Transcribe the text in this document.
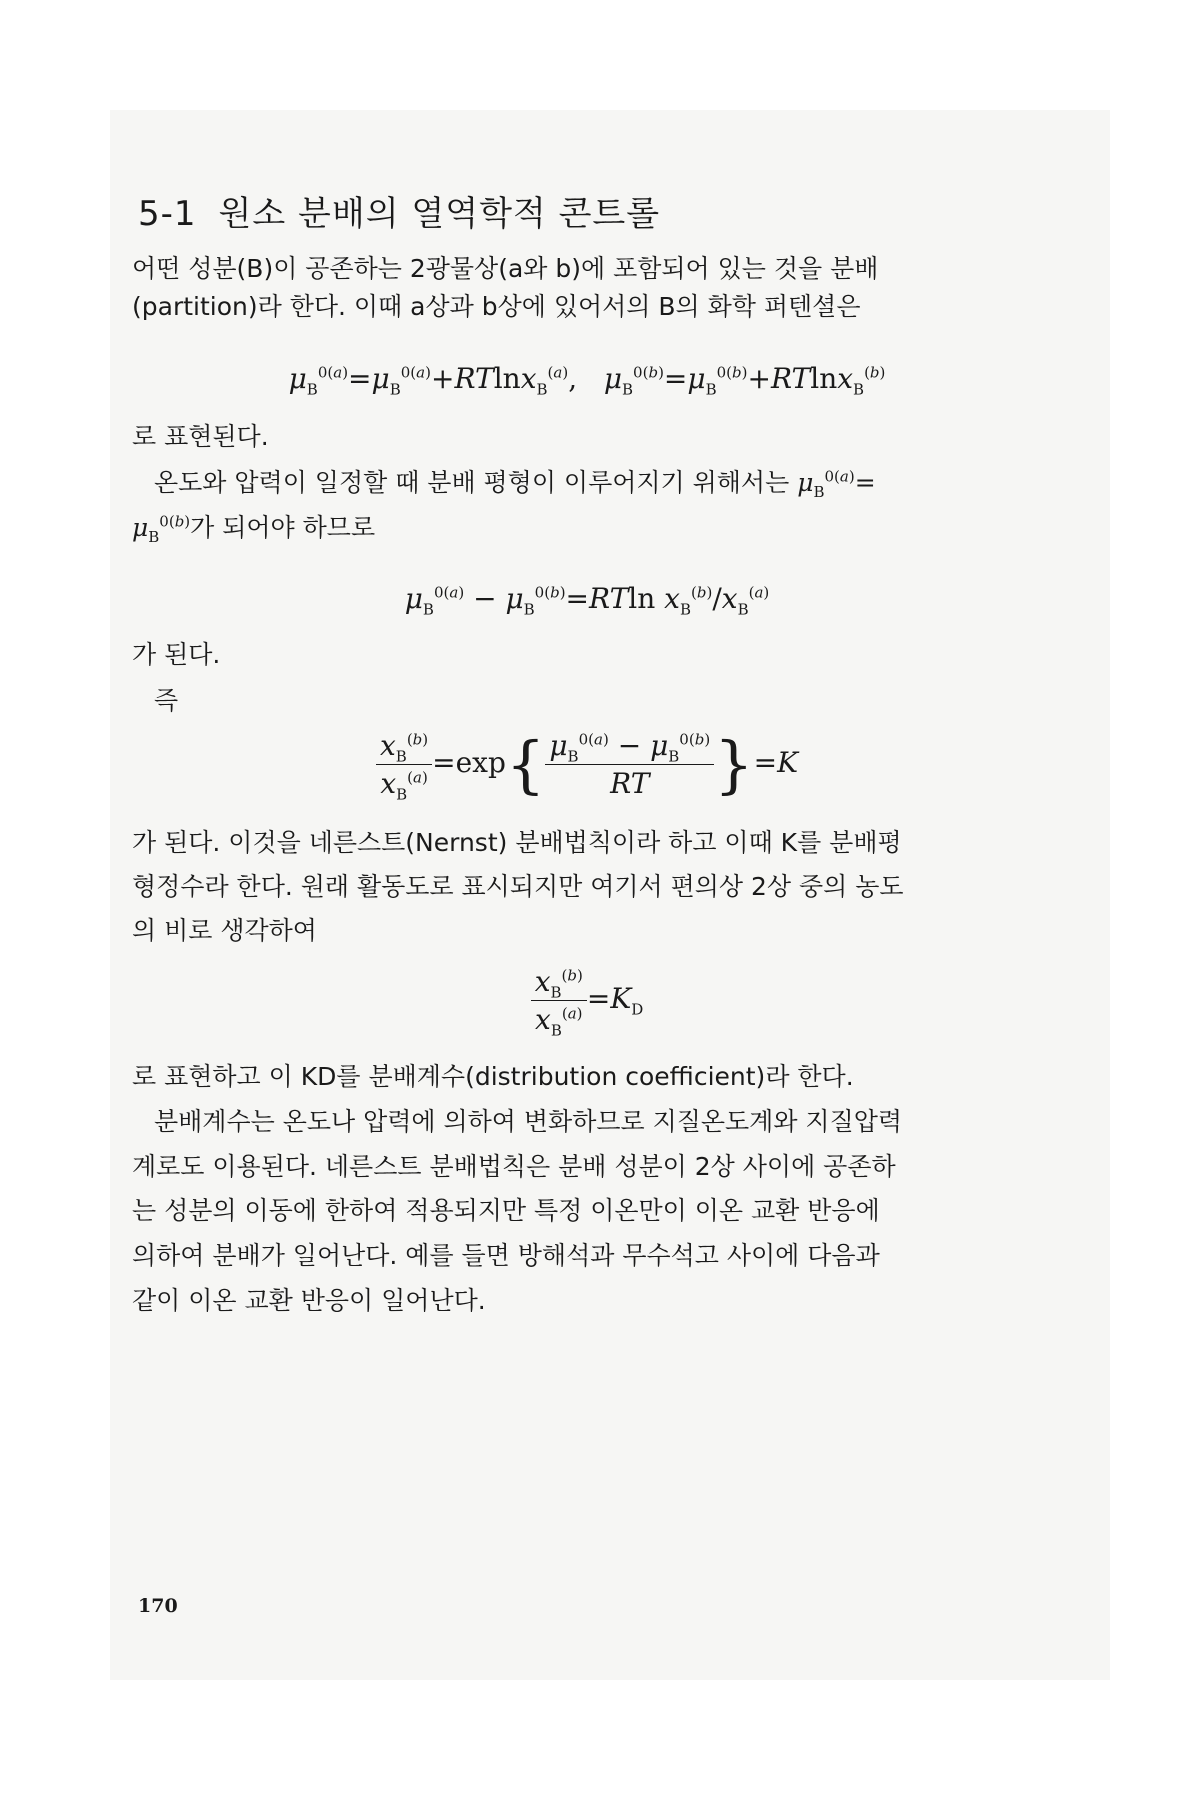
5-1 원소 분배의 열역학적 콘트롤
어떤 성분(B)이 공존하는 2광물상(a와 b)에 포함되어 있는 것을 분배
(partition)라 한다. 이때 a상과 b상에 있어서의 B의 화학 퍼텐셜은
$\mu_B^{0(a)}=\mu_B^{0(a)}+RTlnx_B^{(a)}$,   $\mu_B^{0(b)}=\mu_B^{0(b)}+RTlnx_B^{(b)}$
로 표현된다.
온도와 압력이 일정할 때 분배 평형이 이루어지기 위해서는 $\mu_B^{0(a)}=$
$\mu_B^{0(b)}$가 되어야 하므로
$\mu_B^{0(a)} - \mu_B^{0(b)}=RTln$ $x_B^{(b)}/x_B^{(a)}$
가 된다.
즉
$\frac{x_B^{(b)}}{x_B^{(a)}} =\exp\{ \frac{\mu_B^{0(a)} - \mu_B^{0(b)}}{RT} \}=K$
가 된다. 이것을 네른스트(Nernst) 분배법칙이라 하고 이때 K를 분배평
형정수라 한다. 원래 활동도로 표시되지만 여기서 편의상 2상 중의 농도
의 비로 생각하여
$\frac{x_B^{(b)}}{x_B^{(a)}} =K_D$
로 표현하고 이 KD를 분배계수(distribution coefficient)라 한다.
분배계수는 온도나 압력에 의하여 변화하므로 지질온도계와 지질압력
계로도 이용된다. 네른스트 분배법칙은 분배 성분이 2상 사이에 공존하
는 성분의 이동에 한하여 적용되지만 특정 이온만이 이온 교환 반응에
의하여 분배가 일어난다. 예를 들면 방해석과 무수석고 사이에 다음과
같이 이온 교환 반응이 일어난다.
170
